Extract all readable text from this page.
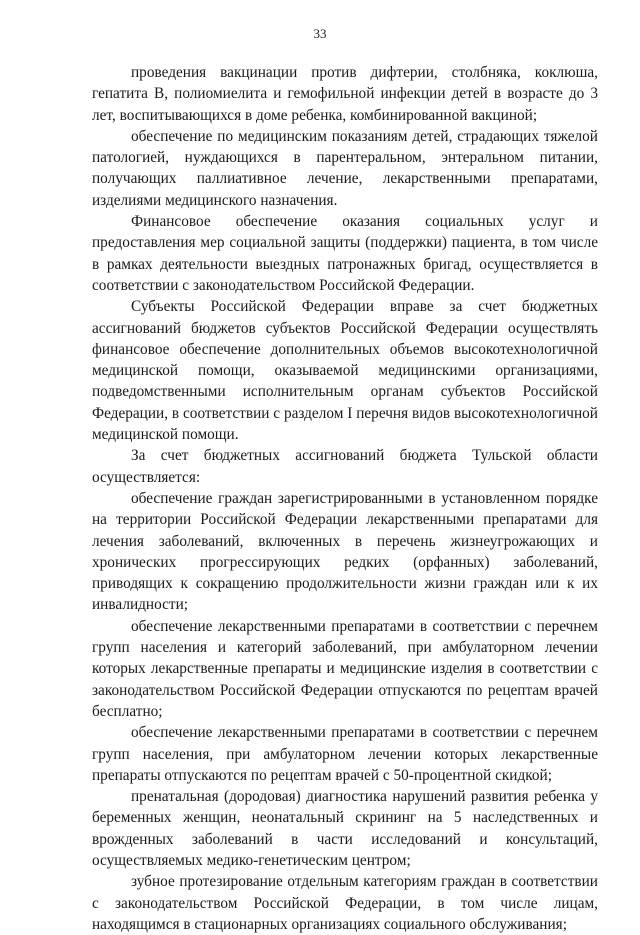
33

проведения вакцинации против дифтерии, столбняка, коклюша, гепатита В, полиомиелита и гемофильной инфекции детей в возрасте до 3 лет, воспитывающихся в доме ребенка, комбинированной вакциной;

обеспечение по медицинским показаниям детей, страдающих тяжелой патологией, нуждающихся в парентеральном, энтеральном питании, получающих паллиативное лечение, лекарственными препаратами, изделиями медицинского назначения.

Финансовое обеспечение оказания социальных услуг и предоставления мер социальной защиты (поддержки) пациента, в том числе в рамках деятельности выездных патронажных бригад, осуществляется в соответствии с законодательством Российской Федерации.

Субъекты Российской Федерации вправе за счет бюджетных ассигнований бюджетов субъектов Российской Федерации осуществлять финансовое обеспечение дополнительных объемов высокотехнологичной медицинской помощи, оказываемой медицинскими организациями, подведомственными исполнительным органам субъектов Российской Федерации, в соответствии с разделом I перечня видов высокотехнологичной медицинской помощи.

За счет бюджетных ассигнований бюджета Тульской области осуществляется:

обеспечение граждан зарегистрированными в установленном порядке на территории Российской Федерации лекарственными препаратами для лечения заболеваний, включенных в перечень жизнеугрожающих и хронических прогрессирующих редких (орфанных) заболеваний, приводящих к сокращению продолжительности жизни граждан или к их инвалидности;

обеспечение лекарственными препаратами в соответствии с перечнем групп населения и категорий заболеваний, при амбулаторном лечении которых лекарственные препараты и медицинские изделия в соответствии с законодательством Российской Федерации отпускаются по рецептам врачей бесплатно;

обеспечение лекарственными препаратами в соответствии с перечнем групп населения, при амбулаторном лечении которых лекарственные препараты отпускаются по рецептам врачей с 50-процентной скидкой;

пренатальная (дородовая) диагностика нарушений развития ребенка у беременных женщин, неонатальный скрининг на 5 наследственных и врожденных заболеваний в части исследований и консультаций, осуществляемых медико-генетическим центром;

зубное протезирование отдельным категориям граждан в соответствии с законодательством Российской Федерации, в том числе лицам, находящимся в стационарных организациях социального обслуживания;
